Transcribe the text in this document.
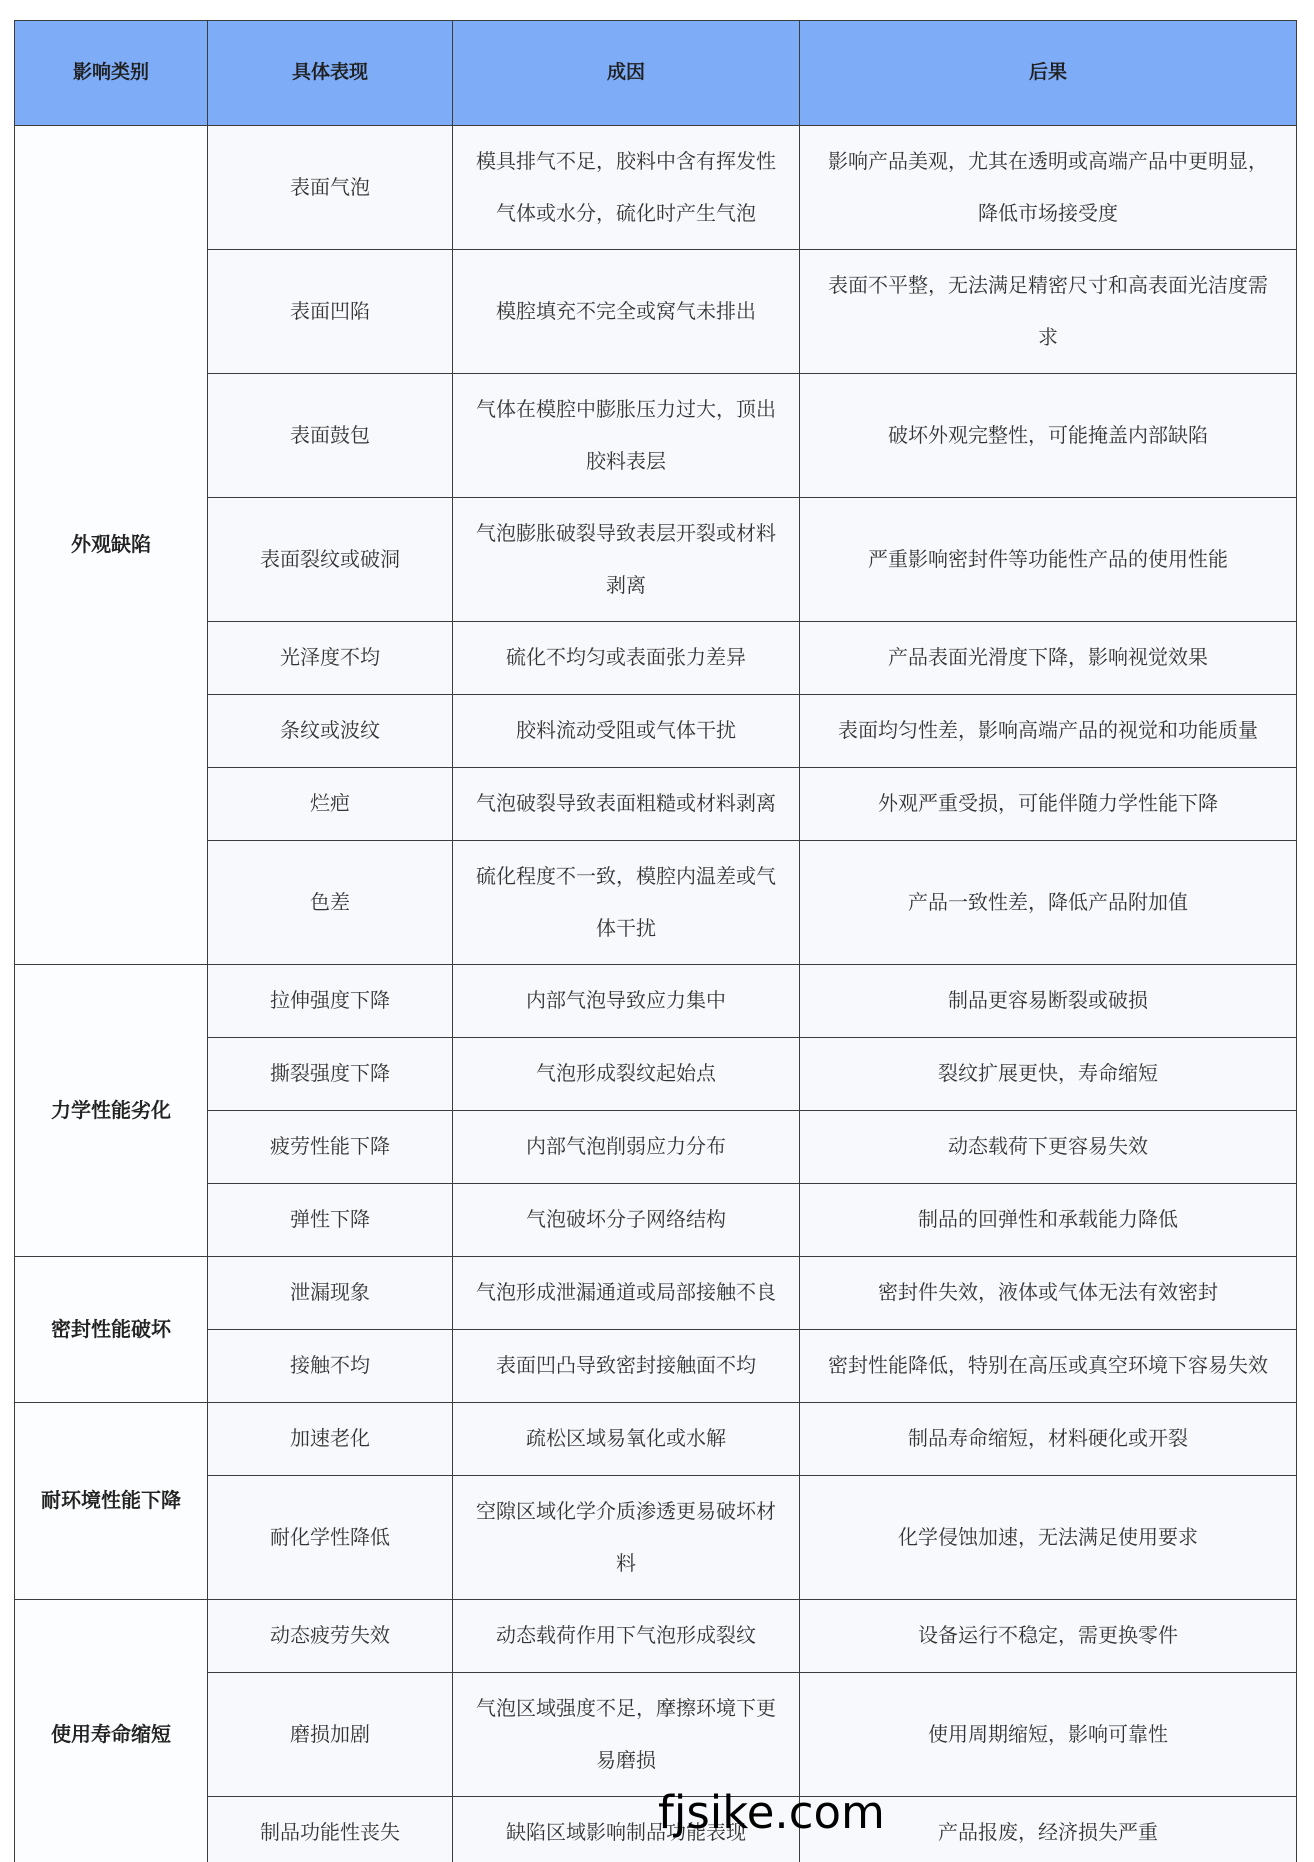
影响类别	具体表现	成因	后果
外观缺陷	表面气泡	模具排气不足，胶料中含有挥发性气体或水分，硫化时产生气泡	影响产品美观，尤其在透明或高端产品中更明显，降低市场接受度

	表面凹陷	模腔填充不完全或窝气未排出	表面不平整，无法满足精密尺寸和高表面光洁度需求

	表面鼓包	气体在模腔中膨胀压力过大，顶出胶料表层	破坏外观完整性，可能掩盖内部缺陷

	表面裂纹或破洞	气泡膨胀破裂导致表层开裂或材料剥离	严重影响密封件等功能性产品的使用性能

	光泽度不均	硫化不均匀或表面张力差异	产品表面光滑度下降，影响视觉效果

	条纹或波纹	胶料流动受阻或气体干扰	表面均匀性差，影响高端产品的视觉和功能质量

	烂疤	气泡破裂导致表面粗糙或材料剥离	外观严重受损，可能伴随力学性能下降

	色差	硫化程度不一致，模腔内温差或气体干扰	产品一致性差，降低产品附加值

力学性能劣化	拉伸强度下降	内部气泡导致应力集中	制品更容易断裂或破损

	撕裂强度下降	气泡形成裂纹起始点	裂纹扩展更快，寿命缩短

	疲劳性能下降	内部气泡削弱应力分布	动态载荷下更容易失效

	弹性下降	气泡破坏分子网络结构	制品的回弹性和承载能力降低

密封性能破坏	泄漏现象	气泡形成泄漏通道或局部接触不良	密封件失效，液体或气体无法有效密封

	接触不均	表面凹凸导致密封接触面不均	密封性能降低，特别在高压或真空环境下容易失效

耐环境性能下降	加速老化	疏松区域易氧化或水解	制品寿命缩短，材料硬化或开裂

	耐化学性降低	空隙区域化学介质渗透更易破坏材料	化学侵蚀加速，无法满足使用要求

使用寿命缩短	动态疲劳失效	动态载荷作用下气泡形成裂纹	设备运行不稳定，需更换零件

	磨损加剧	气泡区域强度不足，摩擦环境下更易磨损	使用周期缩短，影响可靠性

	制品功能性丧失	缺陷区域影响制品功能表现	产品报废，经济损失严重
fjsike.com
